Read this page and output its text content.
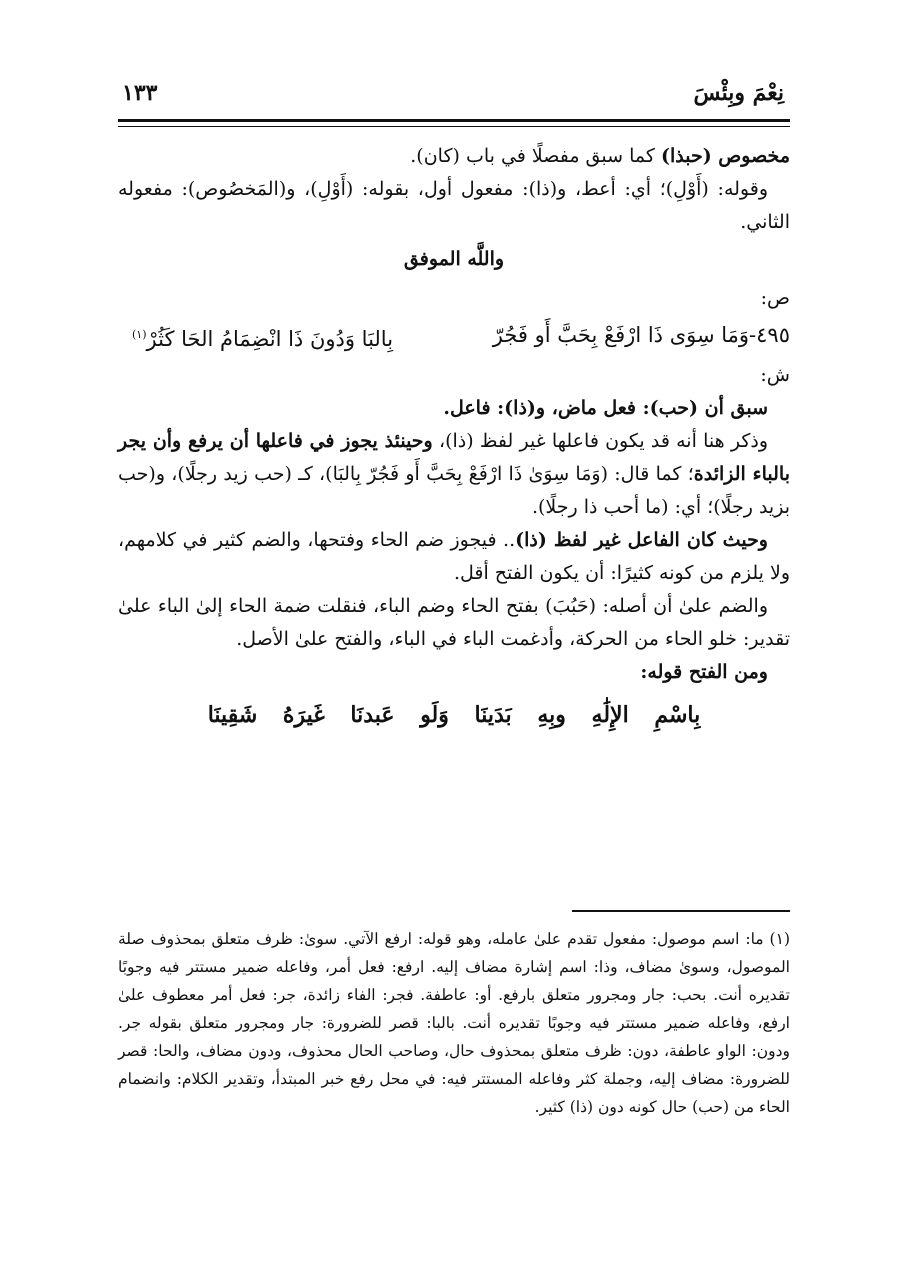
نِعْمَ وبِئْسَ
١٣٣

مخصوص (حبذا) كما سبق مفصلًا في باب (كان).

وقوله: (أَوْلِ)؛ أي: أعط، و(ذا): مفعول أول، بقوله: (أَوْلِ)، و(المَخصُوص): مفعوله الثاني.

واللَّه الموفق

ص:

٤٩٥-وَمَا سِوَى ذَا ارْفَعْ بِحَبَّ أَو فَجُرّ
بِالبَا وَدُونَ ذَا انْضِمَامُ الحَا كَثُرْ$^{(١)}$

ش:

سبق أن (حب): فعل ماض، و(ذا): فاعل.

وذكر هنا أنه قد يكون فاعلها غير لفظ (ذا)، وحينئذ يجوز في فاعلها أن يرفع وأن يجر بالباء الزائدة؛ كما قال: (وَمَا سِوَىٰ ذَا ارْفَعْ بِحَبَّ أَو فَجُرّ بِالبَا)، كـ (حب زيد رجلًا)، و(حب بزيد رجلًا)؛ أي: (ما أحب ذا رجلًا).

وحيث كان الفاعل غير لفظ (ذا).. فيجوز ضم الحاء وفتحها، والضم كثير في كلامهم، ولا يلزم من كونه كثيرًا: أن يكون الفتح أقل.

والضم علىٰ أن أصله: (حَبُبَ) بفتح الحاء وضم الباء، فنقلت ضمة الحاء إلىٰ الباء علىٰ تقدير: خلو الحاء من الحركة، وأدغمت الباء في الباء، والفتح علىٰ الأصل.

ومن الفتح قوله:

بِاسْمِ الإِلَٰهِ وبِهِ بَدَينَا وَلَو عَبدنَا غَيرَهُ شَقِينَا

(١) ما: اسم موصول: مفعول تقدم علىٰ عامله، وهو قوله: ارفع الآتي. سوىٰ: ظرف متعلق بمحذوف صلة الموصول، وسوىٰ مضاف، وذا: اسم إشارة مضاف إليه. ارفع: فعل أمر، وفاعله ضمير مستتر فيه وجوبًا تقديره أنت. بحب: جار ومجرور متعلق بارفع. أو: عاطفة. فجر: الفاء زائدة، جر: فعل أمر معطوف علىٰ ارفع، وفاعله ضمير مستتر فيه وجوبًا تقديره أنت. بالبا: قصر للضرورة: جار ومجرور متعلق بقوله جر. ودون: الواو عاطفة، دون: ظرف متعلق بمحذوف حال، وصاحب الحال محذوف، ودون مضاف، والحا: قصر للضرورة: مضاف إليه، وجملة كثر وفاعله المستتر فيه: في محل رفع خبر المبتدأ، وتقدير الكلام: وانضمام الحاء من (حب) حال كونه دون (ذا) كثير.
